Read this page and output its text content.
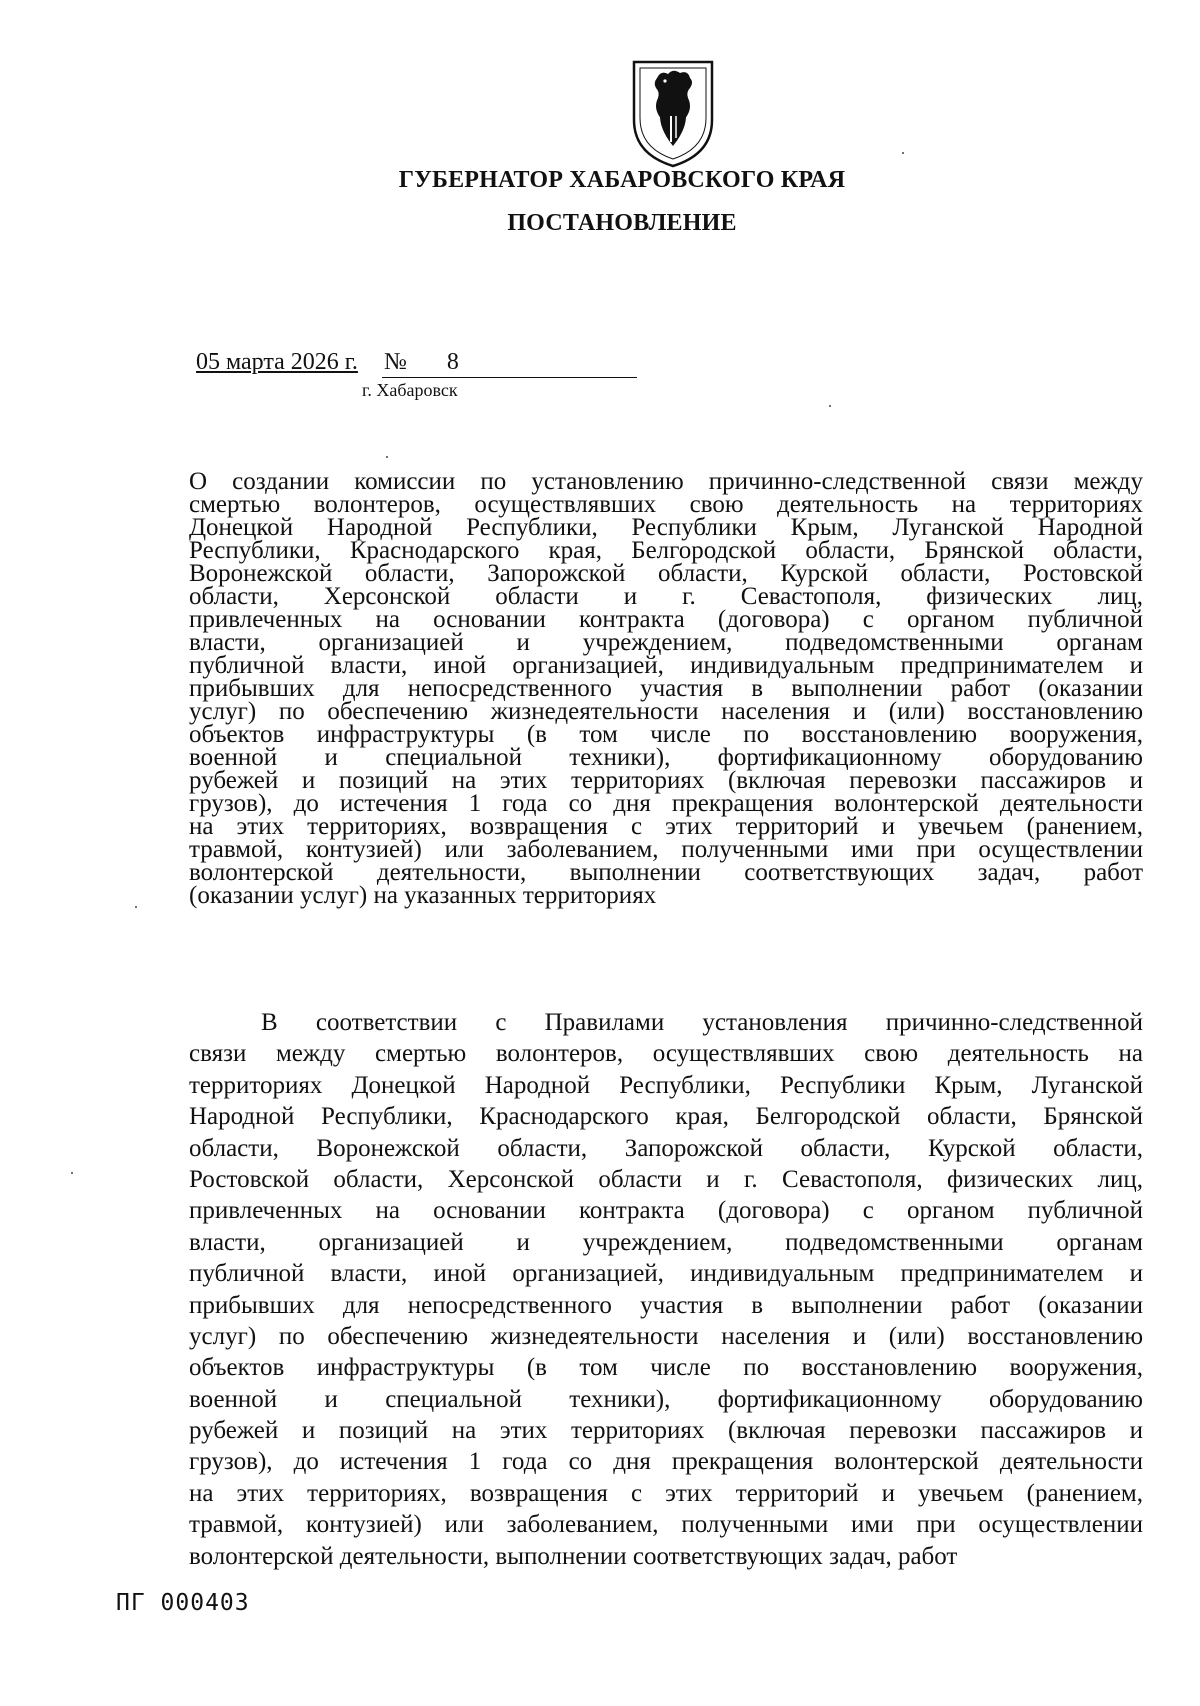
ГУБЕРНАТОР ХАБАРОВСКОГО КРАЯ
ПОСТАНОВЛЕНИЕ
05 марта 2026 г. № 8
г. Хабаровск
О создании комиссии по установлению причинно-следственной связи между
смертью волонтеров, осуществлявших свою деятельность на территориях
Донецкой Народной Республики, Республики Крым, Луганской Народной
Республики, Краснодарского края, Белгородской области, Брянской области,
Воронежской области, Запорожской области, Курской области, Ростовской
области, Херсонской области и г. Севастополя, физических лиц,
привлеченных на основании контракта (договора) с органом публичной
власти, организацией и учреждением, подведомственными органам
публичной власти, иной организацией, индивидуальным предпринимателем и
прибывших для непосредственного участия в выполнении работ (оказании
услуг) по обеспечению жизнедеятельности населения и (или) восстановлению
объектов инфраструктуры (в том числе по восстановлению вооружения,
военной и специальной техники), фортификационному оборудованию
рубежей и позиций на этих территориях (включая перевозки пассажиров и
грузов), до истечения 1 года со дня прекращения волонтерской деятельности
на этих территориях, возвращения с этих территорий и увечьем (ранением,
травмой, контузией) или заболеванием, полученными ими при осуществлении
волонтерской деятельности, выполнении соответствующих задач, работ
(оказании услуг) на указанных территориях
В соответствии с Правилами установления причинно-следственной
связи между смертью волонтеров, осуществлявших свою деятельность на
территориях Донецкой Народной Республики, Республики Крым, Луганской
Народной Республики, Краснодарского края, Белгородской области, Брянской
области, Воронежской области, Запорожской области, Курской области,
Ростовской области, Херсонской области и г. Севастополя, физических лиц,
привлеченных на основании контракта (договора) с органом публичной
власти, организацией и учреждением, подведомственными органам
публичной власти, иной организацией, индивидуальным предпринимателем и
прибывших для непосредственного участия в выполнении работ (оказании
услуг) по обеспечению жизнедеятельности населения и (или) восстановлению
объектов инфраструктуры (в том числе по восстановлению вооружения,
военной и специальной техники), фортификационному оборудованию
рубежей и позиций на этих территориях (включая перевозки пассажиров и
грузов), до истечения 1 года со дня прекращения волонтерской деятельности
на этих территориях, возвращения с этих территорий и увечьем (ранением,
травмой, контузией) или заболеванием, полученными ими при осуществлении
волонтерской деятельности, выполнении соответствующих задач, работ
ПГ 000403
